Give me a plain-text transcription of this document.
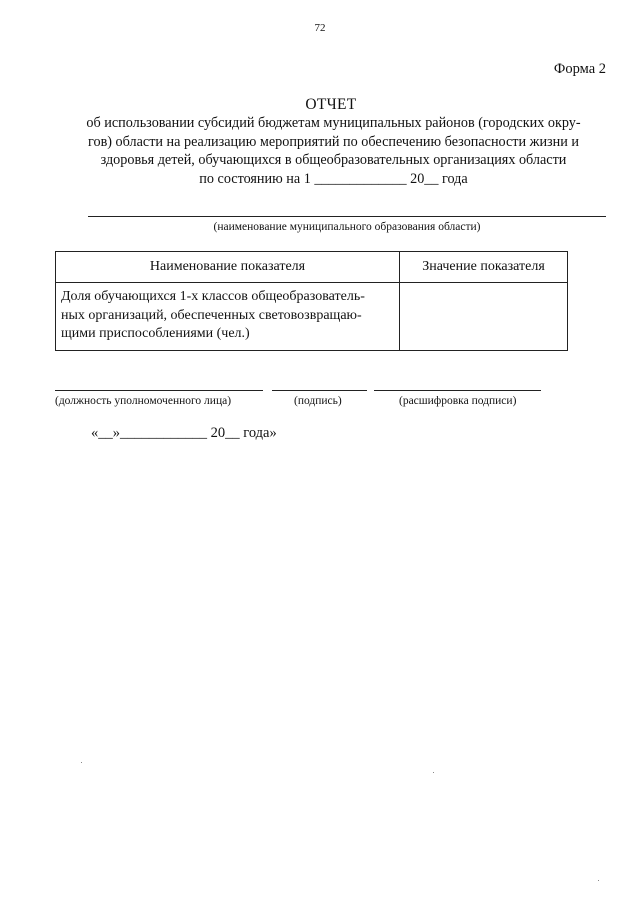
72
Форма 2
ОТЧЕТ
об использовании субсидий бюджетам муниципальных районов (городских окру-
гов) области на реализацию мероприятий по обеспечению безопасности жизни и
здоровья детей, обучающихся в общеобразовательных организациях области
по состоянию на 1 _____________ 20__ года
(наименование муниципального образования области)
Наименование показателя	Значение показателя

Доля обучающихся 1-х классов общеобразователь-
ных организаций, обеспеченных световозвращаю-
щими приспособлениями (чел.)	

(должность уполномоченного лица)	(подпись)	(расшифровка подписи)
«__»____________ 20__ года»
